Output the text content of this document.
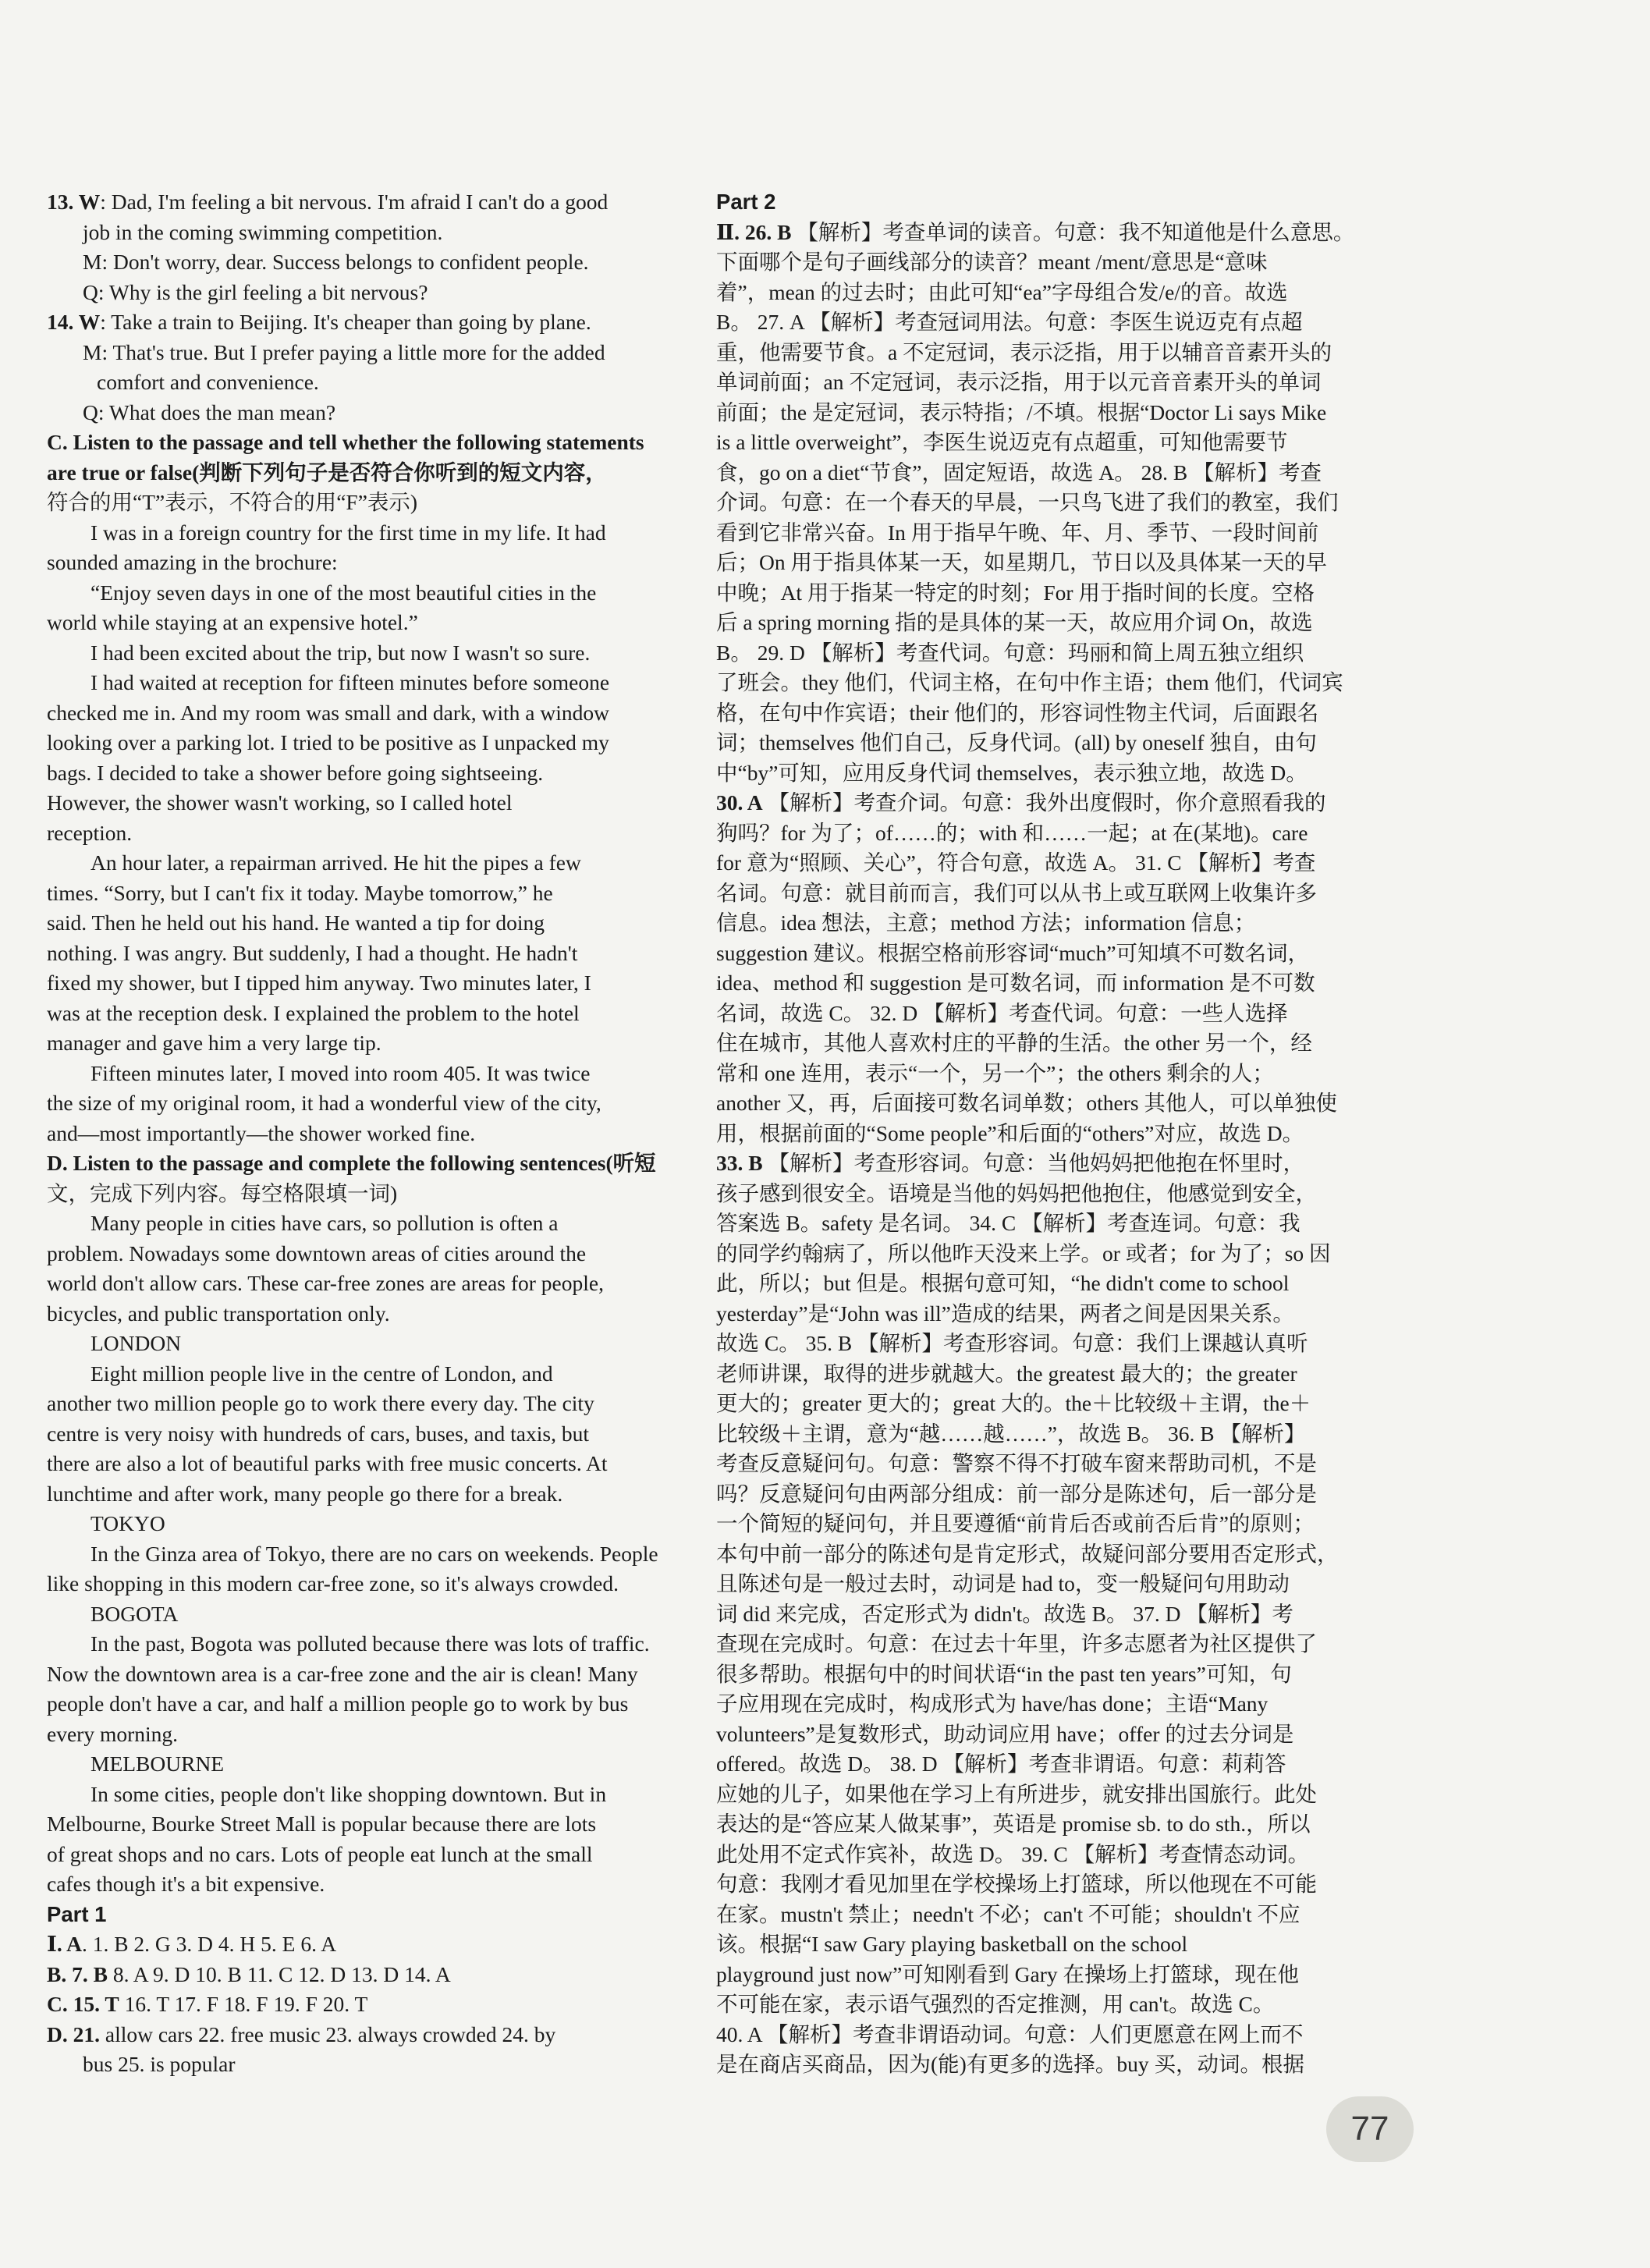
13. W: Dad, I'm feeling a bit nervous. I'm afraid I can't do a good
job in the coming swimming competition.
M: Don't worry, dear. Success belongs to confident people.
Q: Why is the girl feeling a bit nervous?
14. W: Take a train to Beijing. It's cheaper than going by plane.
M: That's true. But I prefer paying a little more for the added
comfort and convenience.
Q: What does the man mean?
C. Listen to the passage and tell whether the following statements
are true or false(判断下列句子是否符合你听到的短文内容，
符合的用“T”表示，不符合的用“F”表示)
I was in a foreign country for the first time in my life. It had
sounded amazing in the brochure:
“Enjoy seven days in one of the most beautiful cities in the
world while staying at an expensive hotel.”
I had been excited about the trip, but now I wasn't so sure.
I had waited at reception for fifteen minutes before someone
checked me in. And my room was small and dark, with a window
looking over a parking lot. I tried to be positive as I unpacked my
bags. I decided to take a shower before going sightseeing.
However, the shower wasn't working, so I called hotel
reception.
An hour later, a repairman arrived. He hit the pipes a few
times. “Sorry, but I can't fix it today. Maybe tomorrow,” he
said. Then he held out his hand. He wanted a tip for doing
nothing. I was angry. But suddenly, I had a thought. He hadn't
fixed my shower, but I tipped him anyway. Two minutes later, I
was at the reception desk. I explained the problem to the hotel
manager and gave him a very large tip.
Fifteen minutes later, I moved into room 405. It was twice
the size of my original room, it had a wonderful view of the city,
and—most importantly—the shower worked fine.
D. Listen to the passage and complete the following sentences(听短
文，完成下列内容。每空格限填一词)
Many people in cities have cars, so pollution is often a
problem. Nowadays some downtown areas of cities around the
world don't allow cars. These car-free zones are areas for people,
bicycles, and public transportation only.
LONDON
Eight million people live in the centre of London, and
another two million people go to work there every day. The city
centre is very noisy with hundreds of cars, buses, and taxis, but
there are also a lot of beautiful parks with free music concerts. At
lunchtime and after work, many people go there for a break.
TOKYO
In the Ginza area of Tokyo, there are no cars on weekends. People
like shopping in this modern car-free zone, so it's always crowded.
BOGOTA
In the past, Bogota was polluted because there was lots of traffic.
Now the downtown area is a car-free zone and the air is clean! Many
people don't have a car, and half a million people go to work by bus
every morning.
MELBOURNE
In some cities, people don't like shopping downtown. But in
Melbourne, Bourke Street Mall is popular because there are lots
of great shops and no cars. Lots of people eat lunch at the small
cafes though it's a bit expensive.
Part 1
Ⅰ. A. 1. B 2. G 3. D 4. H 5. E 6. A
B. 7. B 8. A 9. D 10. B 11. C 12. D 13. D 14. A
C. 15. T 16. T 17. F 18. F 19. F 20. T
D. 21. allow cars 22. free music 23. always crowded 24. by
bus 25. is popular
Part 2
Ⅱ. 26. B 【解析】考查单词的读音。句意：我不知道他是什么意思。
下面哪个是句子画线部分的读音？meant /ment/意思是“意味
着”，mean 的过去时；由此可知“ea”字母组合发/e/的音。故选
B。 27. A 【解析】考查冠词用法。句意：李医生说迈克有点超
重，他需要节食。a 不定冠词，表示泛指，用于以辅音音素开头的
单词前面；an 不定冠词，表示泛指，用于以元音音素开头的单词
前面；the 是定冠词，表示特指；/不填。根据“Doctor Li says Mike
is a little overweight”，李医生说迈克有点超重，可知他需要节
食，go on a diet“节食”，固定短语，故选 A。 28. B 【解析】考查
介词。句意：在一个春天的早晨，一只鸟飞进了我们的教室，我们
看到它非常兴奋。In 用于指早午晚、年、月、季节、一段时间前
后；On 用于指具体某一天，如星期几，节日以及具体某一天的早
中晚；At 用于指某一特定的时刻；For 用于指时间的长度。空格
后 a spring morning 指的是具体的某一天，故应用介词 On，故选
B。 29. D 【解析】考查代词。句意：玛丽和简上周五独立组织
了班会。they 他们，代词主格，在句中作主语；them 他们，代词宾
格，在句中作宾语；their 他们的，形容词性物主代词，后面跟名
词；themselves 他们自己，反身代词。(all) by oneself 独自，由句
中“by”可知，应用反身代词 themselves，表示独立地，故选 D。
30. A 【解析】考查介词。句意：我外出度假时，你介意照看我的
狗吗？for 为了；of……的；with 和……一起；at 在(某地)。care
for 意为“照顾、关心”，符合句意，故选 A。 31. C 【解析】考查
名词。句意：就目前而言，我们可以从书上或互联网上收集许多
信息。idea 想法，主意；method 方法；information 信息；
suggestion 建议。根据空格前形容词“much”可知填不可数名词，
idea、method 和 suggestion 是可数名词，而 information 是不可数
名词，故选 C。 32. D 【解析】考查代词。句意：一些人选择
住在城市，其他人喜欢村庄的平静的生活。the other 另一个，经
常和 one 连用，表示“一个，另一个”；the others 剩余的人；
another 又，再，后面接可数名词单数；others 其他人，可以单独使
用，根据前面的“Some people”和后面的“others”对应，故选 D。
33. B 【解析】考查形容词。句意：当他妈妈把他抱在怀里时，
孩子感到很安全。语境是当他的妈妈把他抱住，他感觉到安全，
答案选 B。safety 是名词。 34. C 【解析】考查连词。句意：我
的同学约翰病了，所以他昨天没来上学。or 或者；for 为了；so 因
此，所以；but 但是。根据句意可知，“he didn't come to school
yesterday”是“John was ill”造成的结果，两者之间是因果关系。
故选 C。 35. B 【解析】考查形容词。句意：我们上课越认真听
老师讲课，取得的进步就越大。the greatest 最大的；the greater
更大的；greater 更大的；great 大的。the＋比较级＋主谓，the＋
比较级＋主谓，意为“越……越……”，故选 B。 36. B 【解析】
考查反意疑问句。句意：警察不得不打破车窗来帮助司机，不是
吗？反意疑问句由两部分组成：前一部分是陈述句，后一部分是
一个简短的疑问句，并且要遵循“前肯后否或前否后肯”的原则；
本句中前一部分的陈述句是肯定形式，故疑问部分要用否定形式，
且陈述句是一般过去时，动词是 had to，变一般疑问句用助动
词 did 来完成，否定形式为 didn't。故选 B。 37. D 【解析】考
查现在完成时。句意：在过去十年里，许多志愿者为社区提供了
很多帮助。根据句中的时间状语“in the past ten years”可知，句
子应用现在完成时，构成形式为 have/has done；主语“Many
volunteers”是复数形式，助动词应用 have；offer 的过去分词是
offered。故选 D。 38. D 【解析】考查非谓语。句意：莉莉答
应她的儿子，如果他在学习上有所进步，就安排出国旅行。此处
表达的是“答应某人做某事”，英语是 promise sb. to do sth.，所以
此处用不定式作宾补，故选 D。 39. C 【解析】考查情态动词。
句意：我刚才看见加里在学校操场上打篮球，所以他现在不可能
在家。mustn't 禁止；needn't 不必；can't 不可能；shouldn't 不应
该。根据“I saw Gary playing basketball on the school
playground just now”可知刚看到 Gary 在操场上打篮球，现在他
不可能在家，表示语气强烈的否定推测，用 can't。故选 C。
40. A 【解析】考查非谓语动词。句意：人们更愿意在网上而不
是在商店买商品，因为(能)有更多的选择。buy 买，动词。根据
77
